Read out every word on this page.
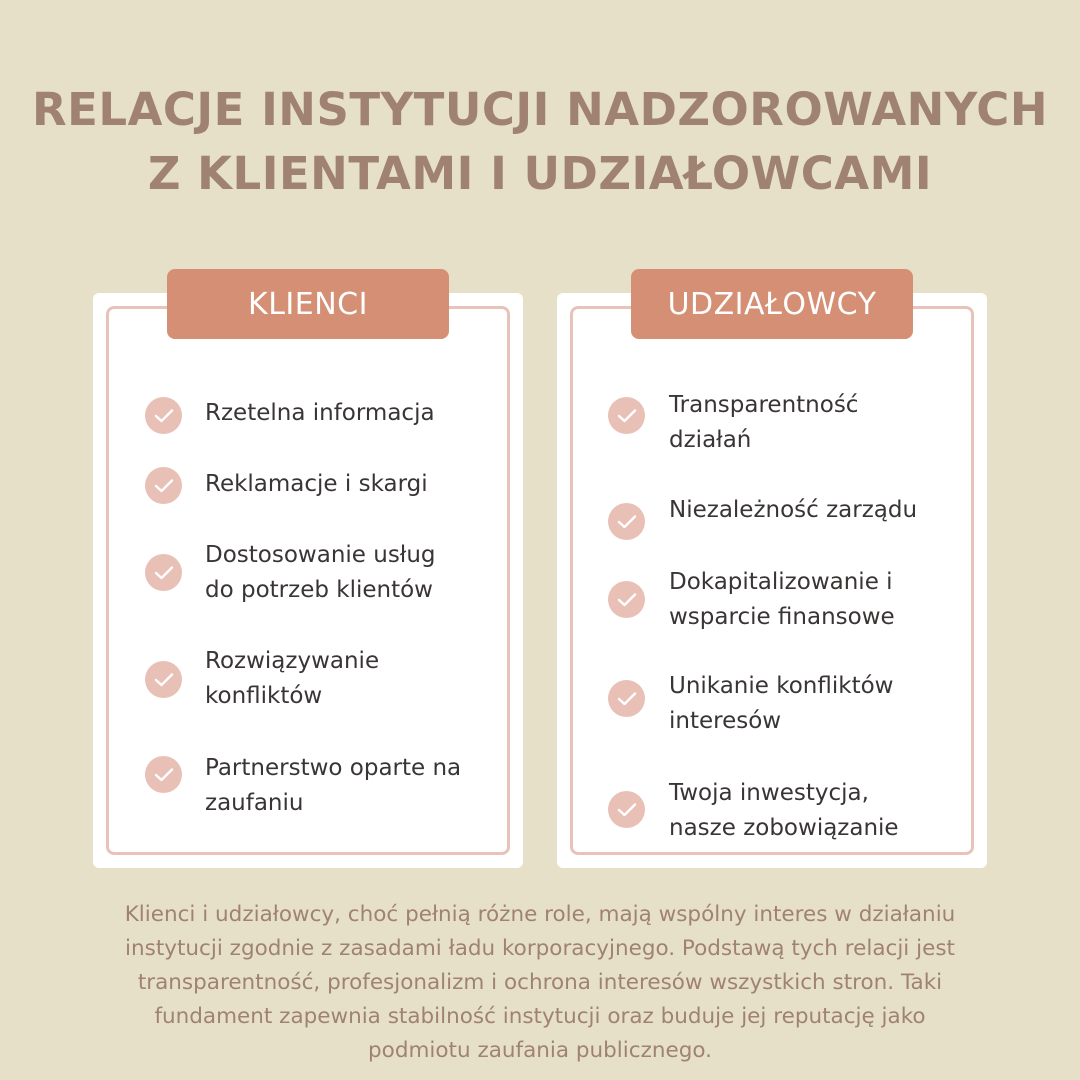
RELACJE INSTYTUCJI NADZOROWANYCH
Z KLIENTAMI I UDZIAŁOWCAMI
KLIENCI	UDZIAŁOWCY
Rzetelna informacja
Reklamacje i skargi
Dostosowanie usług
do potrzeb klientów
Rozwiązywanie
konfliktów
Partnerstwo oparte na
zaufaniu
Transparentność
działań
Niezależność zarządu
Dokapitalizowanie i
wsparcie finansowe
Unikanie konfliktów
interesów
Twoja inwestycja,
nasze zobowiązanie

Klienci i udziałowcy, choć pełnią różne role, mają wspólny interes w działaniu
instytucji zgodnie z zasadami ładu korporacyjnego. Podstawą tych relacji jest
transparentność, profesjonalizm i ochrona interesów wszystkich stron. Taki
fundament zapewnia stabilność instytucji oraz buduje jej reputację jako
podmiotu zaufania publicznego.
